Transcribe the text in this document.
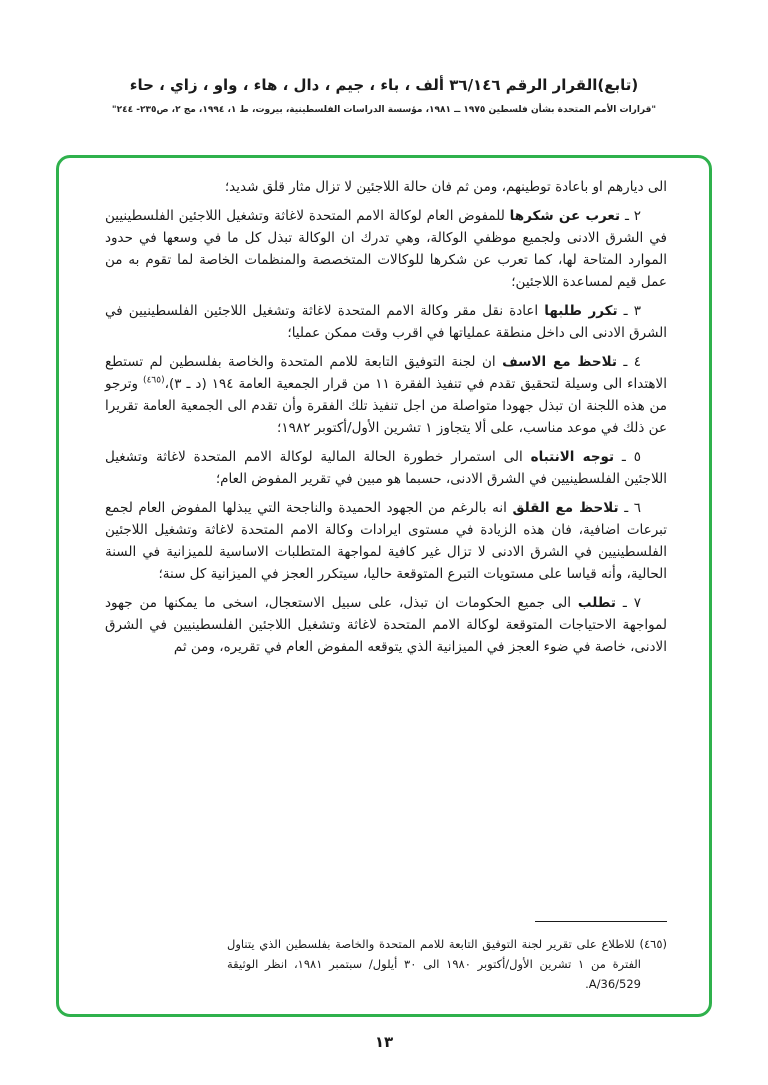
(تابع)القرار الرقم ٣٦/١٤٦ ألف ، باء ، جيم ، دال ، هاء ، واو ، زاي ، حاء
"قرارات الأمم المتحدة بشأن فلسطين ١٩٧٥ ــ ١٩٨١، مؤسسة الدراسات الفلسطينية، بيروت، ط ١، ١٩٩٤، مج ٢، ص٢٣٥- ٢٤٤"

الى ديارهم او باعادة توطينهم، ومن ثم فان حالة اللاجئين لا تزال مثار قلق شديد؛

٢ ـ تعرب عن شكرها للمفوض العام لوكالة الامم المتحدة لاغاثة وتشغيل اللاجئين الفلسطينيين في الشرق الادنى ولجميع موظفي الوكالة، وهي تدرك ان الوكالة تبذل كل ما في وسعها في حدود الموارد المتاحة لها، كما تعرب عن شكرها للوكالات المتخصصة والمنظمات الخاصة لما تقوم به من عمل قيم لمساعدة اللاجئين؛

٣ ـ تكرر طلبها اعادة نقل مقر وكالة الامم المتحدة لاغاثة وتشغيل اللاجئين الفلسطينيين في الشرق الادنى الى داخل منطقة عملياتها في اقرب وقت ممكن عمليا؛

٤ ـ تلاحظ مع الاسف ان لجنة التوفيق التابعة للامم المتحدة والخاصة بفلسطين لم تستطع الاهتداء الى وسيلة لتحقيق تقدم في تنفيذ الفقرة ١١ من قرار الجمعية العامة ١٩٤ (د ـ ٣)،$^{(٤٦٥)}$ وترجو من هذه اللجنة ان تبذل جهودا متواصلة من اجل تنفيذ تلك الفقرة وأن تقدم الى الجمعية العامة تقريرا عن ذلك في موعد مناسب، على ألا يتجاوز ١ تشرين الأول/أكتوبر ١٩٨٢؛

٥ ـ توجه الانتباه الى استمرار خطورة الحالة المالية لوكالة الامم المتحدة لاغاثة وتشغيل اللاجئين الفلسطينيين في الشرق الادنى، حسبما هو مبين في تقرير المفوض العام؛

٦ ـ تلاحظ مع القلق انه بالرغم من الجهود الحميدة والناجحة التي يبذلها المفوض العام لجمع تبرعات اضافية، فان هذه الزيادة في مستوى ايرادات وكالة الامم المتحدة لاغاثة وتشغيل اللاجئين الفلسطينيين في الشرق الادنى لا تزال غير كافية لمواجهة المتطلبات الاساسية للميزانية في السنة الحالية، وأنه قياسا على مستويات التبرع المتوقعة حاليا، سيتكرر العجز في الميزانية كل سنة؛

٧ ـ تطلب الى جميع الحكومات ان تبذل، على سبيل الاستعجال، اسخى ما يمكنها من جهود لمواجهة الاحتياجات المتوقعة لوكالة الامم المتحدة لاغاثة وتشغيل اللاجئين الفلسطينيين في الشرق الادنى، خاصة في ضوء العجز في الميزانية الذي يتوقعه المفوض العام في تقريره، ومن ثم

(٤٦٥) للاطلاع على تقرير لجنة التوفيق التابعة للامم المتحدة والخاصة بفلسطين الذي يتناول الفترة من ١ تشرين الأول/أكتوبر ١٩٨٠ الى ٣٠ أيلول/ سبتمبر ١٩٨١، انظر الوثيقة A/36/529.

١٣
